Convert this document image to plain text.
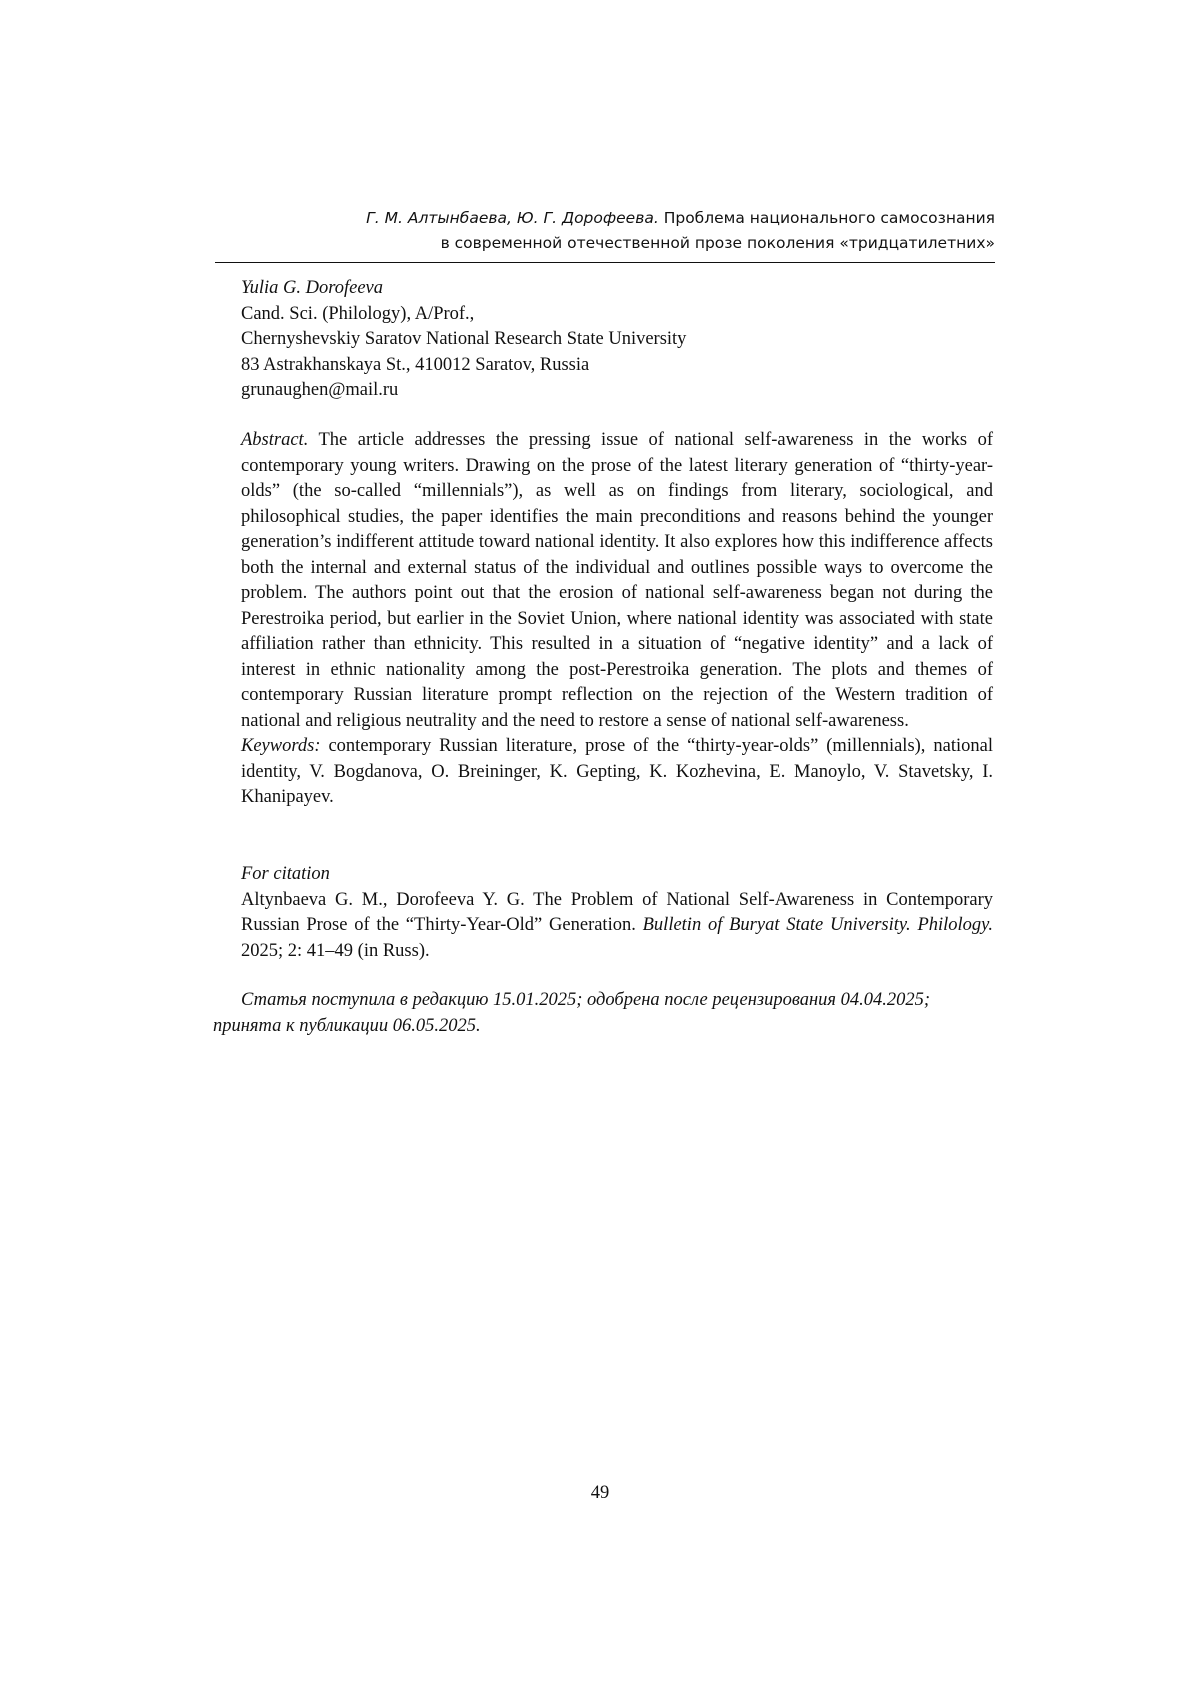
Г. М. Алтынбаева, Ю. Г. Дорофеева. Проблема национального самосознания
в современной отечественной прозе поколения «тридцатилетних»
Yulia G. Dorofeeva
Cand. Sci. (Philology), A/Prof.,
Chernyshevskiy Saratov National Research State University
83 Astrakhanskaya St., 410012 Saratov, Russia
grunaughen@mail.ru

Abstract. The article addresses the pressing issue of national self-awareness in the works of contemporary young writers. Drawing on the prose of the latest literary generation of “thirty-year-olds” (the so-called “millennials”), as well as on findings from literary, sociological, and philosophical studies, the paper identifies the main preconditions and reasons behind the younger generation’s indifferent attitude toward national identity. It also explores how this indifference affects both the internal and external status of the individual and outlines possible ways to overcome the problem. The authors point out that the erosion of national self-awareness began not during the Perestroika period, but earlier in the Soviet Union, where national identity was associated with state affiliation rather than ethnicity. This resulted in a situation of “negative identity” and a lack of interest in ethnic nationality among the post-Perestroika generation. The plots and themes of contemporary Russian literature prompt reflection on the rejection of the Western tradition of national and religious neutrality and the need to restore a sense of national self-awareness.

Keywords: contemporary Russian literature, prose of the “thirty-year-olds” (millennials), national identity, V. Bogdanova, O. Breininger, K. Gepting, K. Kozhevina, E. Manoylo, V. Stavetsky, I. Khanipayev.

For citation
Altynbaeva G. M., Dorofeeva Y. G. The Problem of National Self-Awareness in Contemporary Russian Prose of the “Thirty-Year-Old” Generation. Bulletin of Buryat State University. Philology. 2025; 2: 41–49 (in Russ).
Статья поступила в редакцию 15.01.2025; одобрена после рецензирования 04.04.2025;
принята к публикации 06.05.2025.
49
